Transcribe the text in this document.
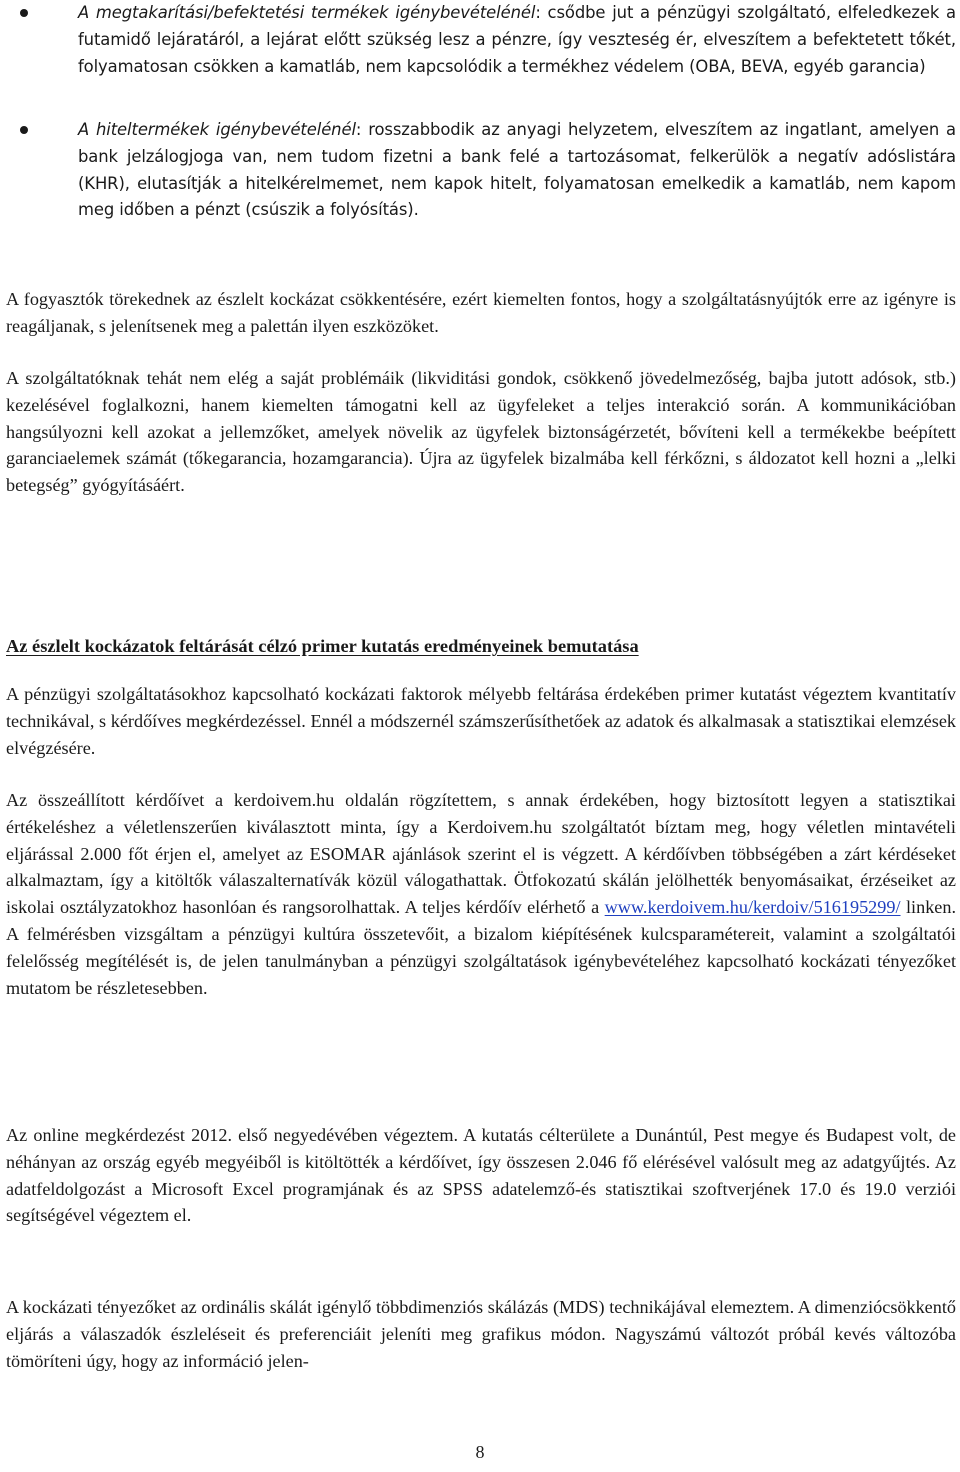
A megtakarítási/befektetési termékek igénybevételénél: csődbe jut a pénzügyi szolgáltató, elfeledkezek a futamidő lejáratáról, a lejárat előtt szükség lesz a pénzre, így veszteség ér, elveszítem a befektetett tőkét, folyamatosan csökken a kamatláb, nem kapcsolódik a termékhez védelem (OBA, BEVA, egyéb garancia)
A hiteltermékek igénybevételénél: rosszabbodik az anyagi helyzetem, elveszítem az ingatlant, amelyen a bank jelzálogjoga van, nem tudom fizetni a bank felé a tartozásomat, felkerülök a negatív adóslistára (KHR), elutasítják a hitelkérelmemet, nem kapok hitelt, folyamatosan emelkedik a kamatláb, nem kapom meg időben a pénzt (csúszik a folyósítás).

A fogyasztók törekednek az észlelt kockázat csökkentésére, ezért kiemelten fontos, hogy a szolgáltatásnyújtók erre az igényre is reagáljanak, s jelenítsenek meg a palettán ilyen eszközöket.

A szolgáltatóknak tehát nem elég a saját problémáik (likviditási gondok, csökkenő jövedelmezőség, bajba jutott adósok, stb.) kezelésével foglalkozni, hanem kiemelten támogatni kell az ügyfeleket a teljes interakció során. A kommunikációban hangsúlyozni kell azokat a jellemzőket, amelyek növelik az ügyfelek biztonságérzetét, bővíteni kell a termékekbe beépített garanciaelemek számát (tőkegarancia, hozamgarancia). Újra az ügyfelek bizalmába kell férkőzni, s áldozatot kell hozni a „lelki betegség” gyógyításáért.

Az észlelt kockázatok feltárását célzó primer kutatás eredményeinek bemutatása

A pénzügyi szolgáltatásokhoz kapcsolható kockázati faktorok mélyebb feltárása érdekében primer kutatást végeztem kvantitatív technikával, s kérdőíves megkérdezéssel. Ennél a módszernél számszerűsíthetőek az adatok és alkalmasak a statisztikai elemzések elvégzésére.

Az összeállított kérdőívet a kerdoivem.hu oldalán rögzítettem, s annak érdekében, hogy biztosított legyen a statisztikai értékeléshez a véletlenszerűen kiválasztott minta, így a Kerdoivem.hu szolgáltatót bíztam meg, hogy véletlen mintavételi eljárással 2.000 főt érjen el, amelyet az ESOMAR ajánlások szerint el is végzett. A kérdőívben többségében a zárt kérdéseket alkalmaztam, így a kitöltők válaszalternatívák közül válogathattak. Ötfokozatú skálán jelölhették benyomásaikat, érzéseiket az iskolai osztályzatokhoz hasonlóan és rangsorolhattak. A teljes kérdőív elérhető a www.kerdoivem.hu/kerdoiv/516195299/ linken. A felmérésben vizsgáltam a pénzügyi kultúra összetevőit, a bizalom kiépítésének kulcsparamétereit, valamint a szolgáltatói felelősség megítélését is, de jelen tanulmányban a pénzügyi szolgáltatások igénybevételéhez kapcsolható kockázati tényezőket mutatom be részletesebben.

Az online megkérdezést 2012. első negyedévében végeztem. A kutatás célterülete a Dunántúl, Pest megye és Budapest volt, de néhányan az ország egyéb megyéiből is kitöltötték a kérdőívet, így összesen 2.046 fő elérésével valósult meg az adatgyűjtés. Az adatfeldolgozást a Microsoft Excel programjának és az SPSS adatelemző-és statisztikai szoftverjének 17.0 és 19.0 verziói segítségével végeztem el.

A kockázati tényezőket az ordinális skálát igénylő többdimenziós skálázás (MDS) technikájával elemeztem. A dimenziócsökkentő eljárás a válaszadók észleléseit és preferenciáit jeleníti meg grafikus módon. Nagyszámú változót próbál kevés változóba tömöríteni úgy, hogy az információ jelen-

8
